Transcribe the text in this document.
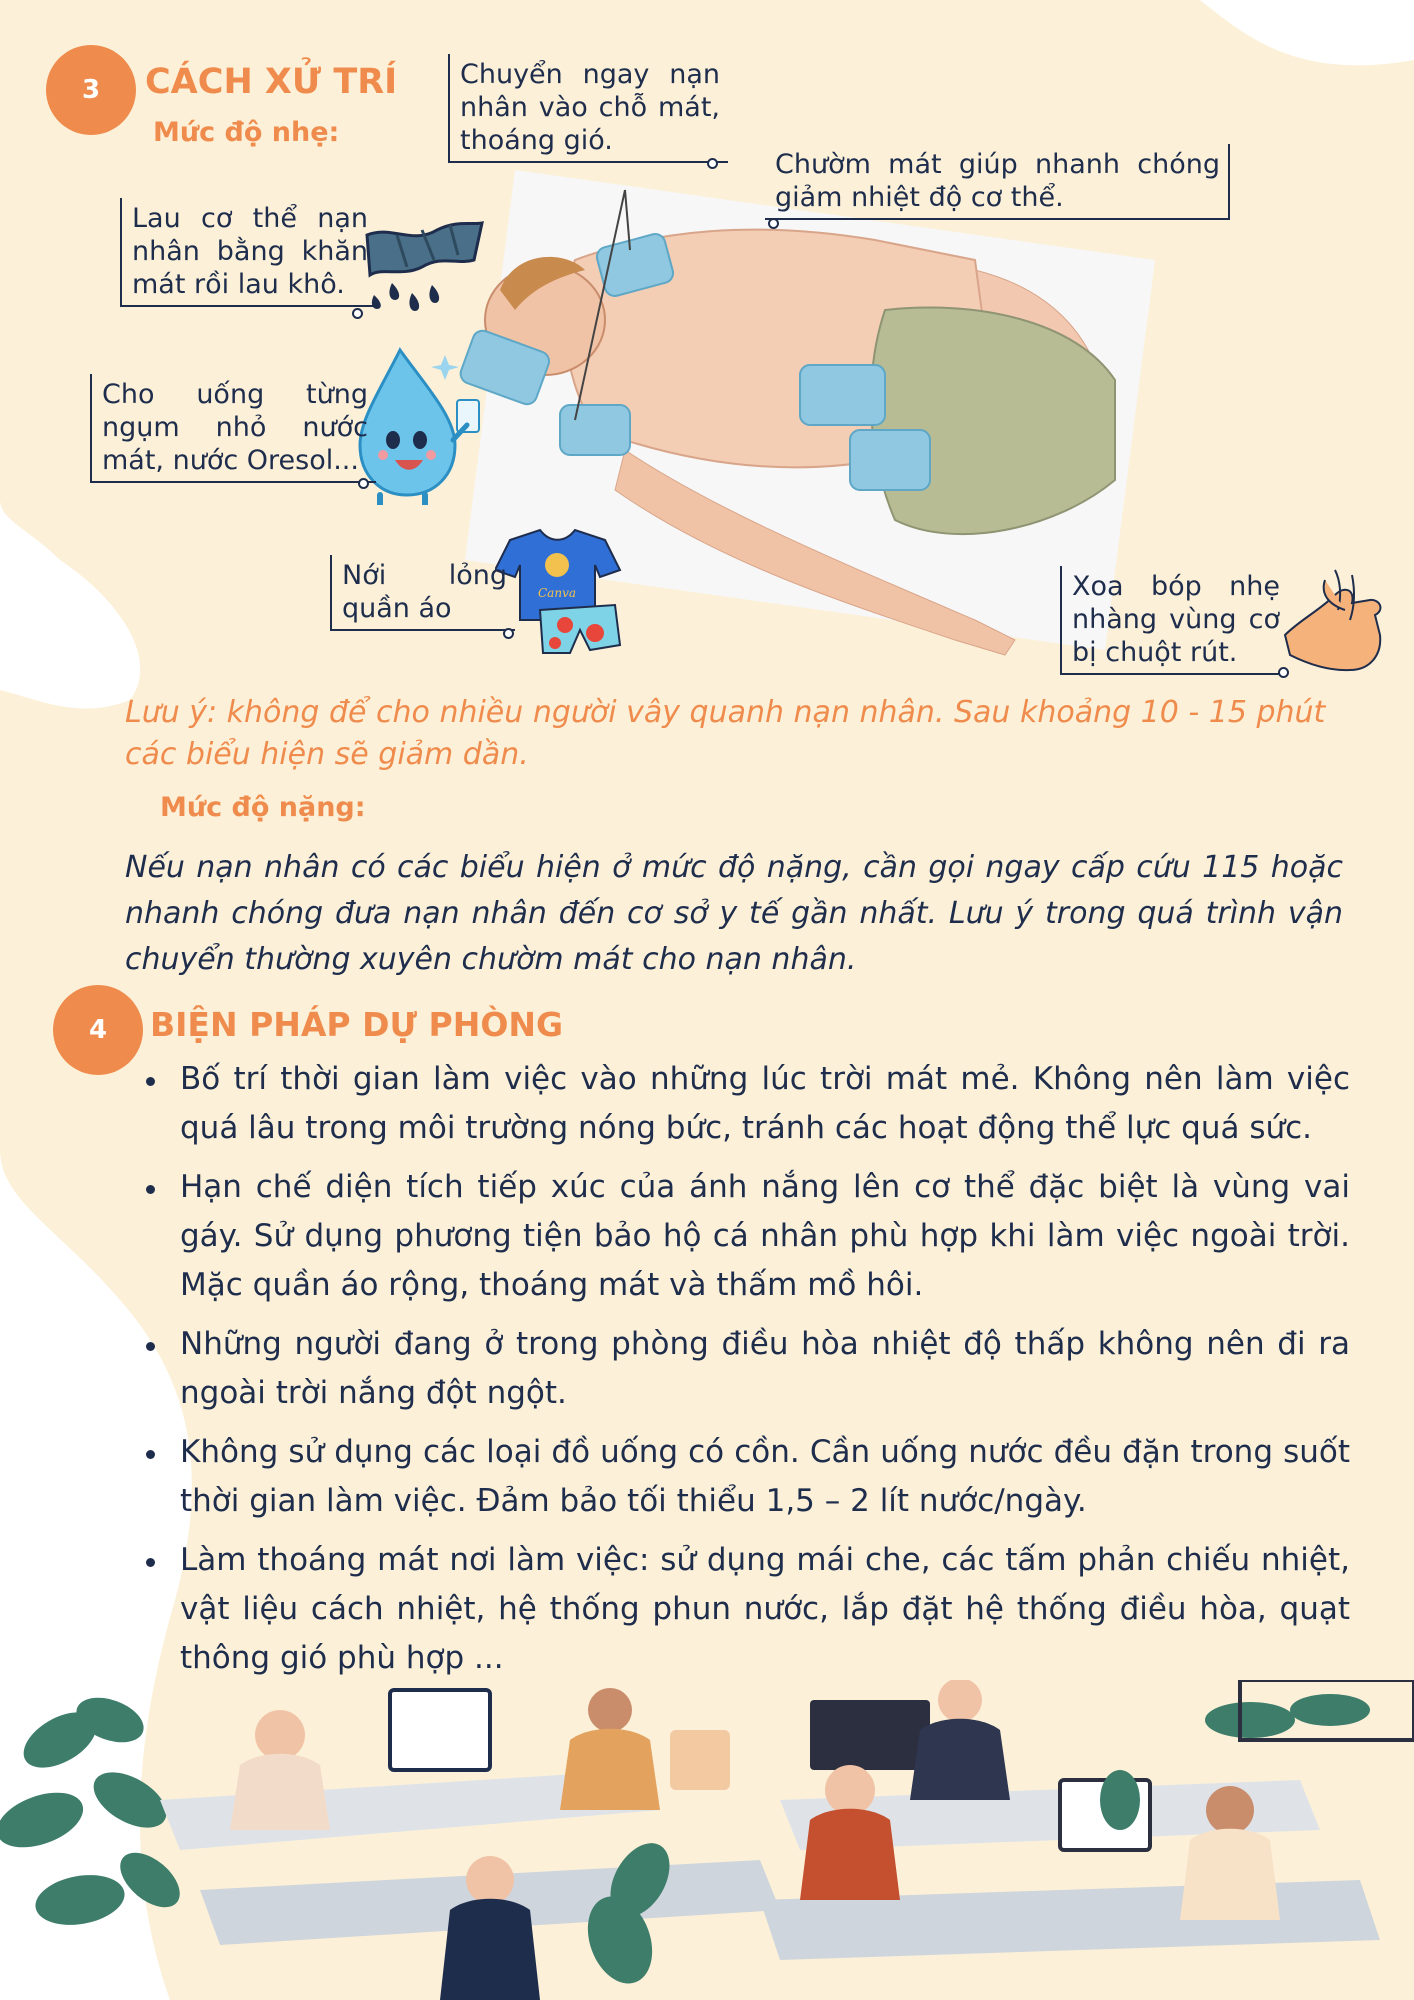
3	CÁCH XỬ TRÍ
Mức độ nhẹ:
Chuyển ngay nạn nhân vào chỗ mát, thoáng gió.
Chườm mát giúp nhanh chóng giảm nhiệt độ cơ thể.
Lau cơ thể nạn nhân bằng khăn mát rồi lau khô.
Cho uống từng ngụm nhỏ nước mát, nước Oresol...
Nới lỏng quần áo
Xoa bóp nhẹ nhàng vùng cơ bị chuột rút.
Canva
Lưu ý: không để cho nhiều người vây quanh nạn nhân. Sau khoảng 10 - 15 phút các biểu hiện sẽ giảm dần.
Mức độ nặng:
Nếu nạn nhân có các biểu hiện ở mức độ nặng, cần gọi ngay cấp cứu 115 hoặc nhanh chóng đưa nạn nhân đến cơ sở y tế gần nhất. Lưu ý trong quá trình vận chuyển thường xuyên chườm mát cho nạn nhân.
4	BIỆN PHÁP DỰ PHÒNG
Bố trí thời gian làm việc vào những lúc trời mát mẻ. Không nên làm việc quá lâu trong môi trường nóng bức, tránh các hoạt động thể lực quá sức.
Hạn chế diện tích tiếp xúc của ánh nắng lên cơ thể đặc biệt là vùng vai gáy. Sử dụng phương tiện bảo hộ cá nhân phù hợp khi làm việc ngoài trời. Mặc quần áo rộng, thoáng mát và thấm mồ hôi.
Những người đang ở trong phòng điều hòa nhiệt độ thấp không nên đi ra ngoài trời nắng đột ngột.
Không sử dụng các loại đồ uống có cồn. Cần uống nước đều đặn trong suốt thời gian làm việc. Đảm bảo tối thiểu 1,5 – 2 lít nước/ngày.
Làm thoáng mát nơi làm việc: sử dụng mái che, các tấm phản chiếu nhiệt, vật liệu cách nhiệt, hệ thống phun nước, lắp đặt hệ thống điều hòa, quạt thông gió phù hợp ...
